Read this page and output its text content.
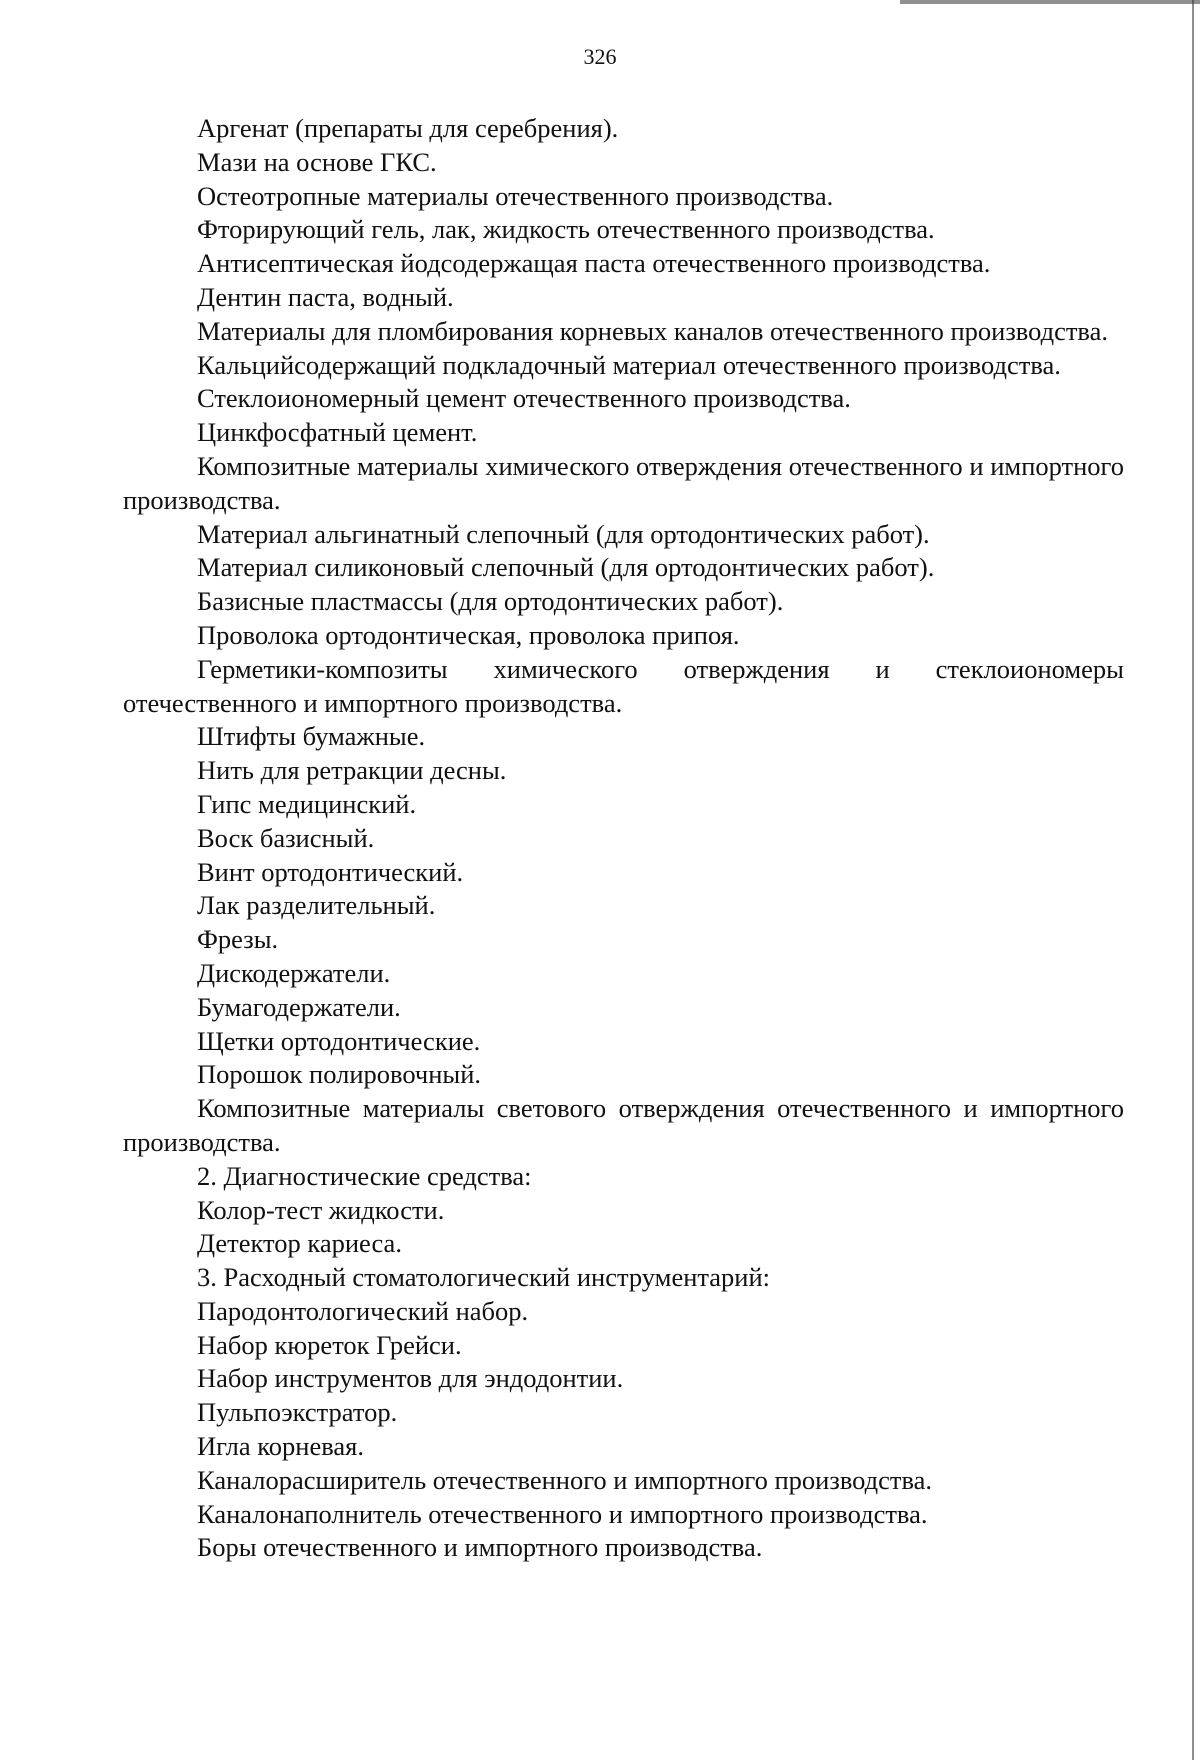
326

Аргенат (препараты для серебрения).

Мази на основе ГКС.

Остеотропные материалы отечественного производства.

Фторирующий гель, лак, жидкость отечественного производства.

Антисептическая йодсодержащая паста отечественного производства.

Дентин паста, водный.

Материалы для пломбирования корневых каналов отечественного производства.

Кальцийсодержащий подкладочный материал отечественного производства.

Стеклоиономерный цемент отечественного производства.

Цинкфосфатный цемент.

Композитные материалы химического отверждения отечественного и импортного производства.

Материал альгинатный слепочный (для ортодонтических работ).

Материал силиконовый слепочный (для ортодонтических работ).

Базисные пластмассы (для ортодонтических работ).

Проволока ортодонтическая, проволока припоя.

Герметики-композиты химического отверждения и стеклоиономеры отечественного и импортного производства.

Штифты бумажные.

Нить для ретракции десны.

Гипс медицинский.

Воск базисный.

Винт ортодонтический.

Лак разделительный.

Фрезы.

Дискодержатели.

Бумагодержатели.

Щетки ортодонтические.

Порошок полировочный.

Композитные материалы светового отверждения отечественного и импортного производства.

2. Диагностические средства:

Колор-тест жидкости.

Детектор кариеса.

3. Расходный стоматологический инструментарий:

Пародонтологический набор.

Набор кюреток Грейси.

Набор инструментов для эндодонтии.

Пульпоэкстратор.

Игла корневая.

Каналорасширитель отечественного и импортного производства.

Каналонаполнитель отечественного и импортного производства.

Боры отечественного и импортного производства.
